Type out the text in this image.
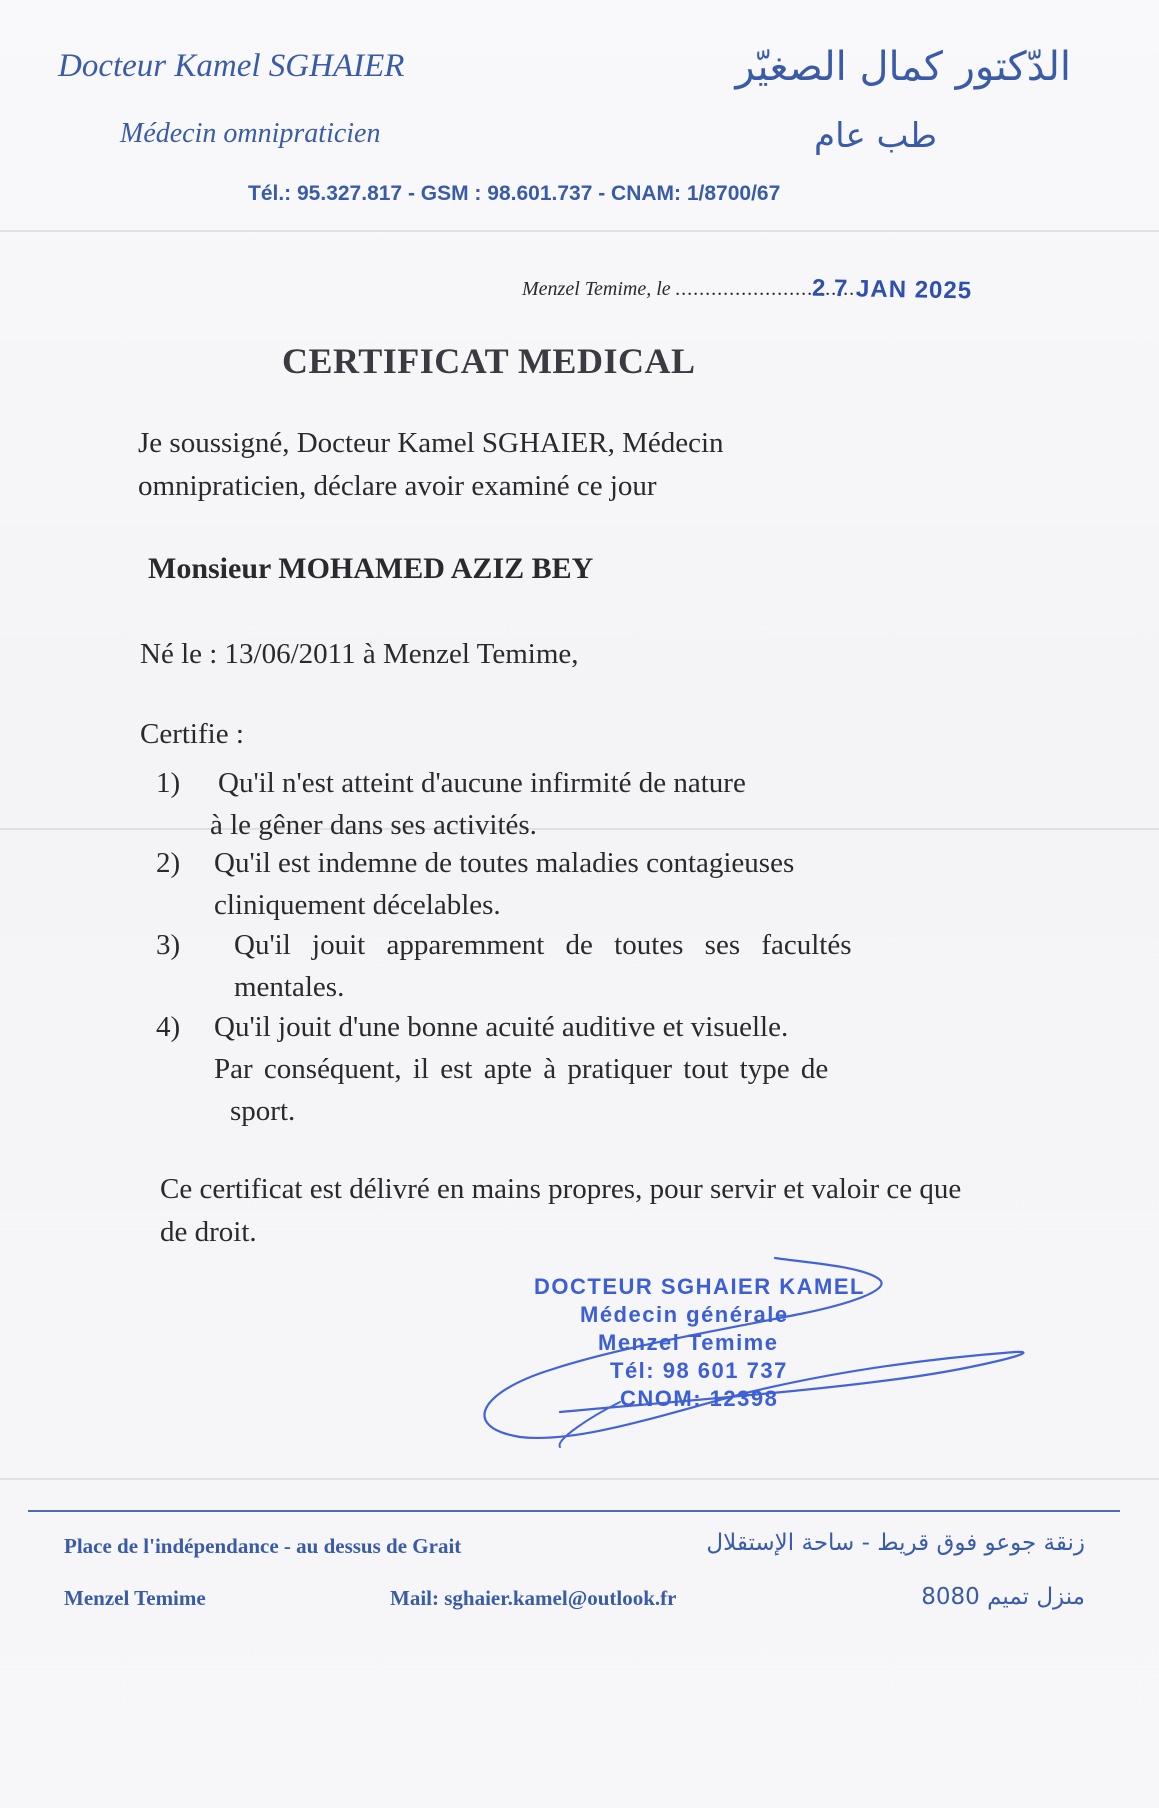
Docteur Kamel SGHAIER
Médecin omnipraticien
الدّكتور كمال الصغيّر
طب عام
Tél.: 95.327.817 - GSM : 98.601.737 - CNAM: 1/8700/67
Menzel Temime, le ...............................
2 7 JAN 2025
CERTIFICAT MEDICAL
Je soussigné, Docteur Kamel SGHAIER, Médecin omnipraticien, déclare avoir examiné ce jour
Monsieur MOHAMED AZIZ BEY
Né le : 13/06/2011 à Menzel Temime,
Certifie :
1) Qu'il n'est atteint d'aucune infirmité de nature
à le gêner dans ses activités.
2) Qu'il est indemne de toutes maladies contagieuses
cliniquement décelables.
3) Qu'il jouit apparemment de toutes ses facultés
mentales.
4) Qu'il jouit d'une bonne acuité auditive et visuelle.
Par conséquent, il est apte à pratiquer tout type de
sport.
Ce certificat est délivré en mains propres, pour servir et valoir ce que de droit.
DOCTEUR SGHAIER KAMEL
Médecin générale
Menzel Temime
Tél: 98 601 737
CNOM: 12398
Place de l'indépendance - au dessus de Grait
Menzel Temime	Mail: sghaier.kamel@outlook.fr
زنقة جوعو فوق قريط - ساحة الإستقلال
منزل تميم 8080
